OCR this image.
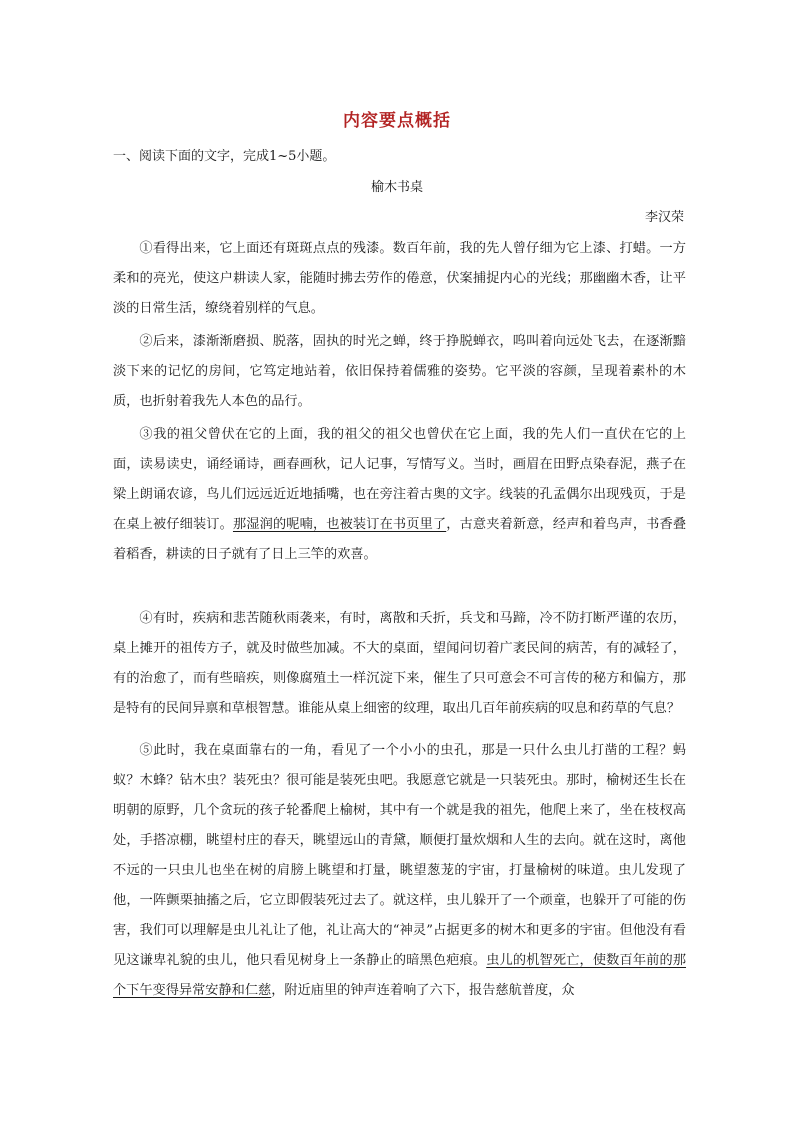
内容要点概括
一、阅读下面的文字，完成1~5小题。
榆木书桌
李汉荣

①看得出来，它上面还有斑斑点点的残漆。数百年前，我的先人曾仔细为它上漆、打蜡。一方柔和的亮光，使这户耕读人家，能随时拂去劳作的倦意，伏案捕捉内心的光线；那幽幽木香，让平淡的日常生活，缭绕着别样的气息。

②后来，漆渐渐磨损、脱落，固执的时光之蝉，终于挣脱蝉衣，呜叫着向远处飞去，在逐渐黯淡下来的记忆的房间，它笃定地站着，依旧保持着儒雅的姿势。它平淡的容颜，呈现着素朴的木质，也折射着我先人本色的品行。

③我的祖父曾伏在它的上面，我的祖父的祖父也曾伏在它上面，我的先人们一直伏在它的上面，读易读史，诵经诵诗，画春画秋，记人记事，写情写义。当时，画眉在田野点染春泥，燕子在梁上朗诵农谚，鸟儿们远远近近地插嘴，也在旁注着古奥的文字。线装的孔孟偶尔出现残页，于是在桌上被仔细装订。那湿润的呢喃，也被装订在书页里了，古意夹着新意，经声和着鸟声，书香叠着稻香，耕读的日子就有了日上三竿的欢喜。

④有时，疾病和悲苦随秋雨袭来，有时，离散和夭折，兵戈和马蹄，冷不防打断严谨的农历，桌上摊开的祖传方子，就及时做些加减。不大的桌面，望闻问切着广袤民间的病苦，有的减轻了，有的治愈了，而有些暗疾，则像腐殖土一样沉淀下来，催生了只可意会不可言传的秘方和偏方，那是特有的民间异禀和草根智慧。谁能从桌上细密的纹理，取出几百年前疾病的叹息和药草的气息？

⑤此时，我在桌面靠右的一角，看见了一个小小的虫孔，那是一只什么虫儿打凿的工程？蚂蚁？木蜂？钻木虫？装死虫？很可能是装死虫吧。我愿意它就是一只装死虫。那时，榆树还生长在明朝的原野，几个贪玩的孩子轮番爬上榆树，其中有一个就是我的祖先，他爬上来了，坐在枝杈高处，手搭凉棚，眺望村庄的春天，眺望远山的青黛，顺便打量炊烟和人生的去向。就在这时，离他不远的一只虫儿也坐在树的肩膀上眺望和打量，眺望葱茏的宇宙，打量榆树的味道。虫儿发现了他，一阵颤栗抽搐之后，它立即假装死过去了。就这样，虫儿躲开了一个顽童，也躲开了可能的伤害，我们可以理解是虫儿礼让了他，礼让高大的“神灵”占据更多的树木和更多的宇宙。但他没有看见这谦卑礼貌的虫儿，他只看见树身上一条静止的暗黑色疤痕。虫儿的机智死亡，使数百年前的那个下午变得异常安静和仁慈，附近庙里的钟声连着响了六下，报告慈航普度，众
